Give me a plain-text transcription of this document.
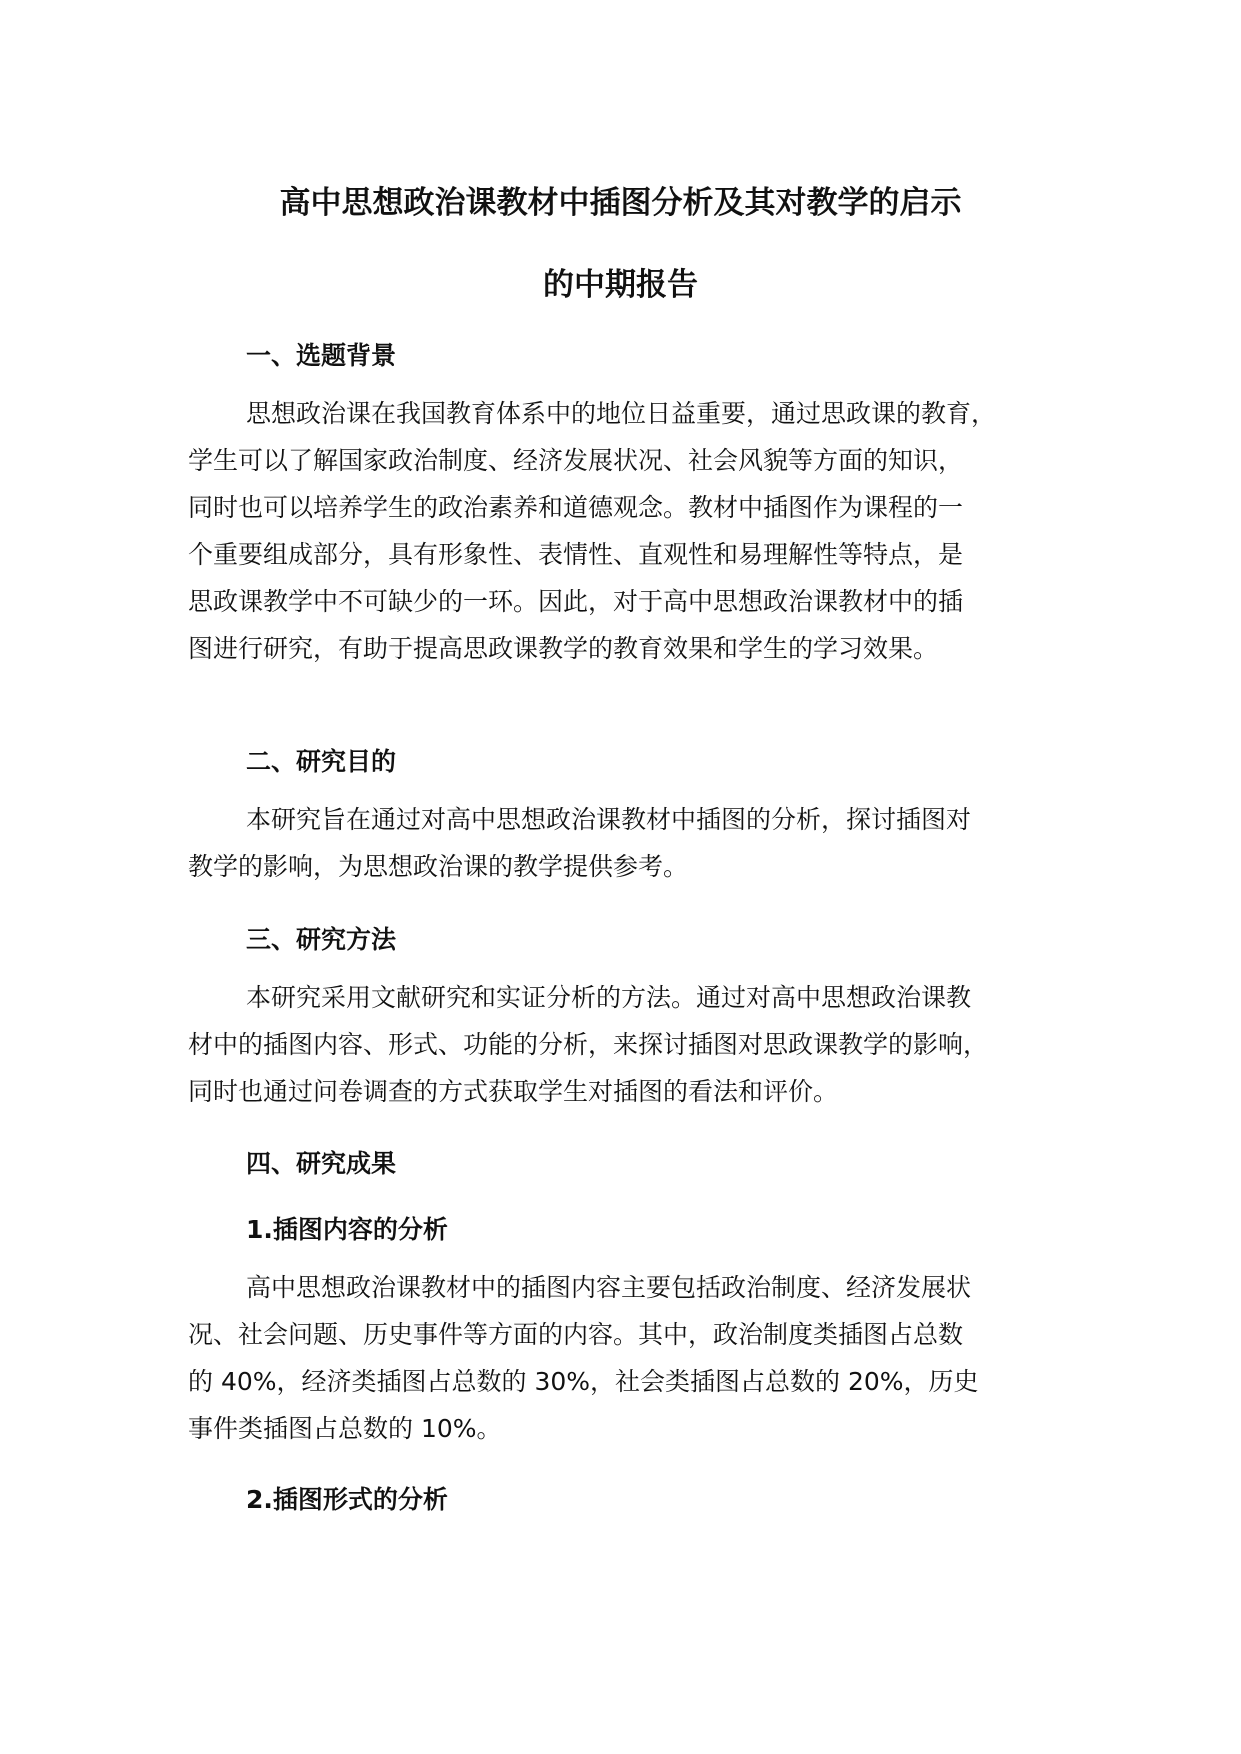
高中思想政治课教材中插图分析及其对教学的启示
的中期报告
一、选题背景
思想政治课在我国教育体系中的地位日益重要，通过思政课的教育，
学生可以了解国家政治制度、经济发展状况、社会风貌等方面的知识，
同时也可以培养学生的政治素养和道德观念。教材中插图作为课程的一
个重要组成部分，具有形象性、表情性、直观性和易理解性等特点，是
思政课教学中不可缺少的一环。因此，对于高中思想政治课教材中的插
图进行研究，有助于提高思政课教学的教育效果和学生的学习效果。
二、研究目的
本研究旨在通过对高中思想政治课教材中插图的分析，探讨插图对
教学的影响，为思想政治课的教学提供参考。
三、研究方法
本研究采用文献研究和实证分析的方法。通过对高中思想政治课教
材中的插图内容、形式、功能的分析，来探讨插图对思政课教学的影响，
同时也通过问卷调查的方式获取学生对插图的看法和评价。
四、研究成果
1.插图内容的分析
高中思想政治课教材中的插图内容主要包括政治制度、经济发展状
况、社会问题、历史事件等方面的内容。其中，政治制度类插图占总数
的 40%，经济类插图占总数的 30%，社会类插图占总数的 20%，历史
事件类插图占总数的 10%。
2.插图形式的分析
